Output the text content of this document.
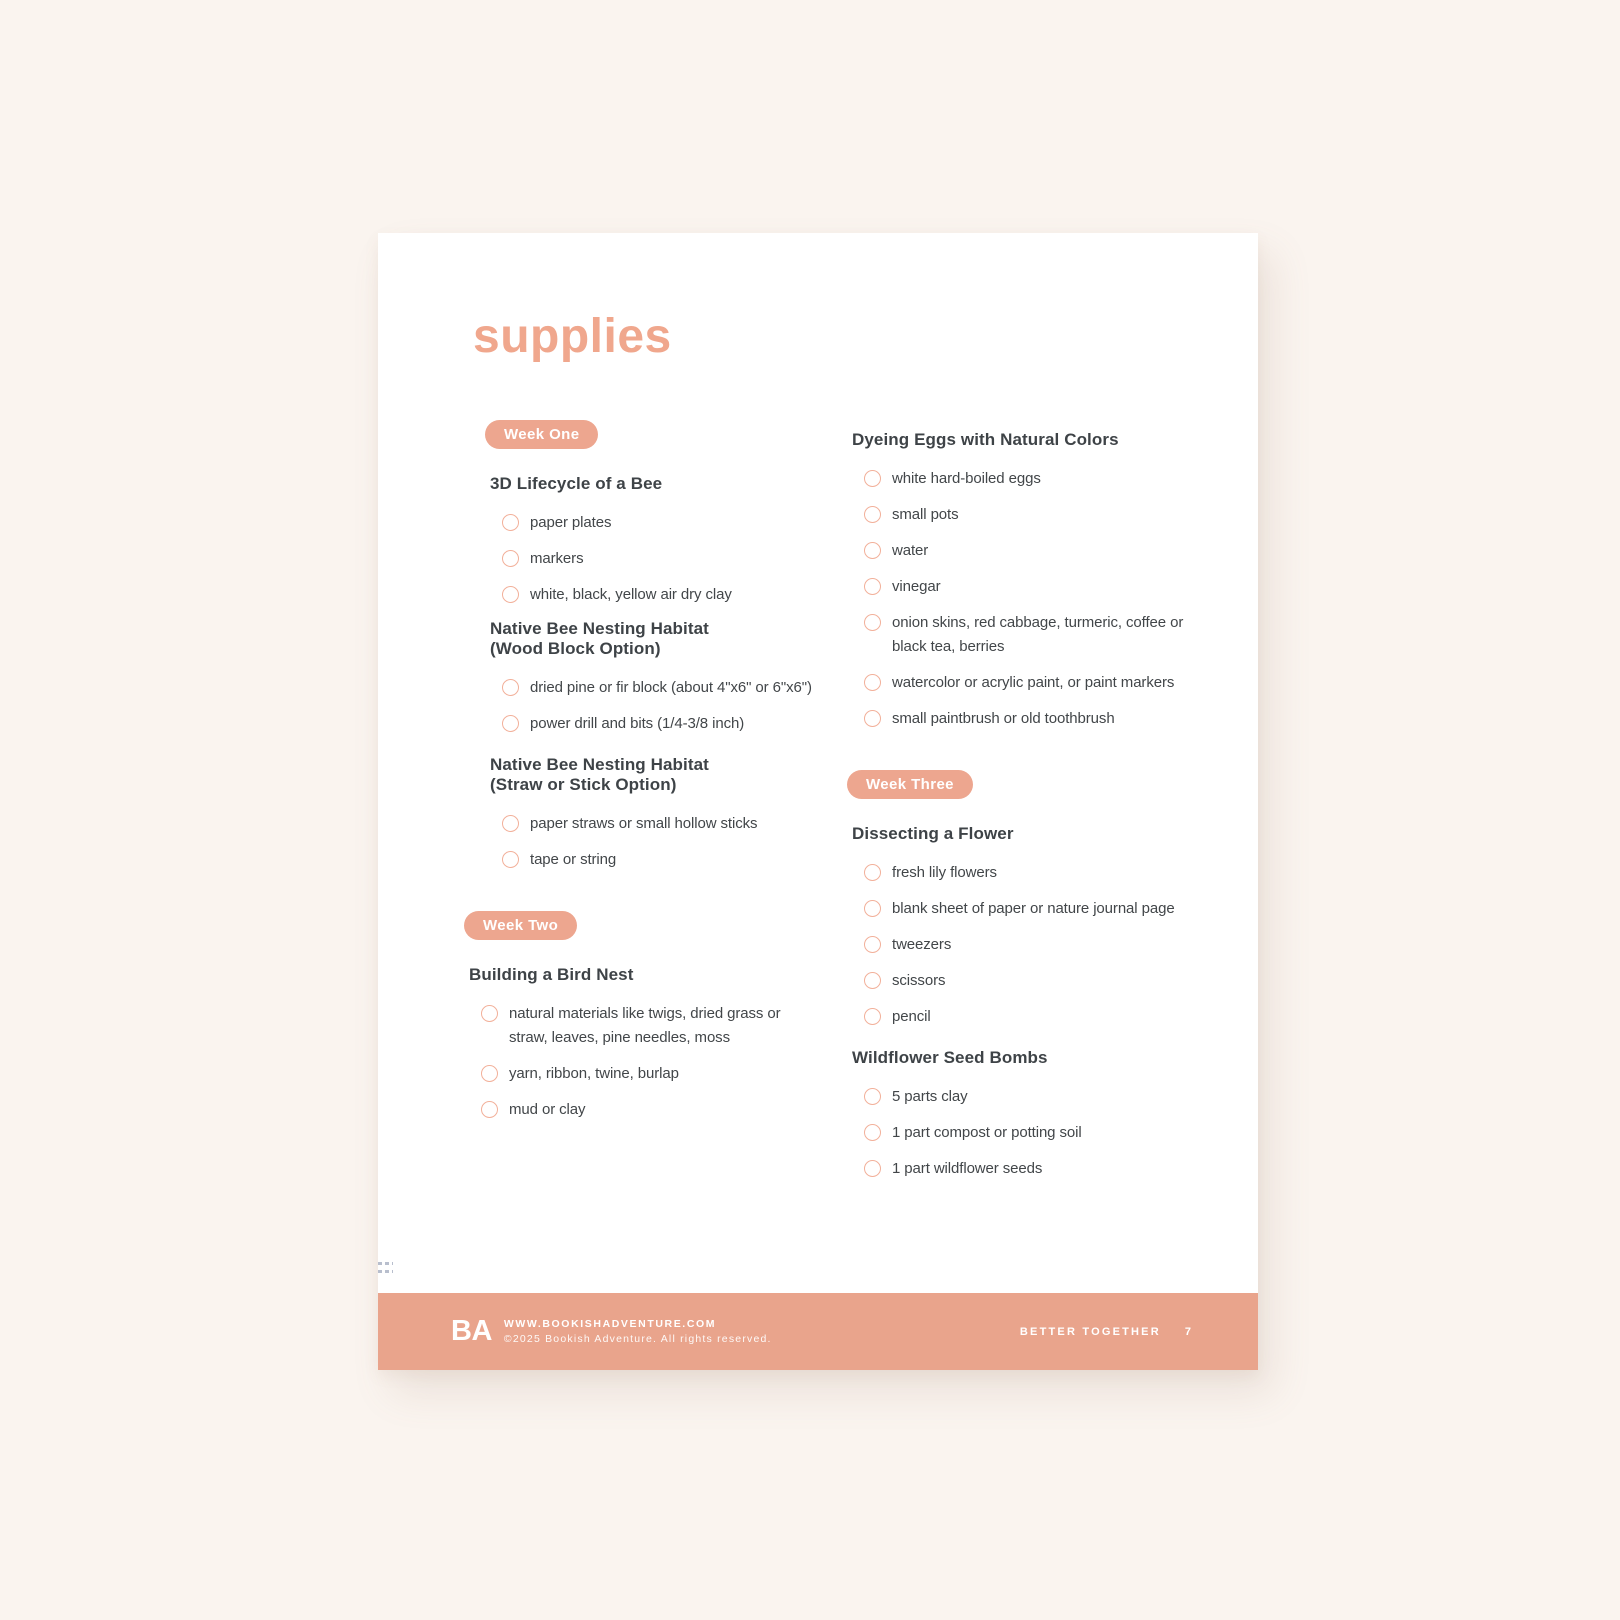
supplies
Week One
3D Lifecycle of a Bee
paper plates
markers
white, black, yellow air dry clay
Native Bee Nesting Habitat
(Wood Block Option)
dried pine or fir block (about 4"x6" or 6"x6")
power drill and bits (1/4-3/8 inch)
Native Bee Nesting Habitat
(Straw or Stick Option)
paper straws or small hollow sticks
tape or string
Week Two
Building a Bird Nest
natural materials like twigs, dried grass or straw, leaves, pine needles, moss
yarn, ribbon, twine, burlap
mud or clay
Dyeing Eggs with Natural Colors
white hard-boiled eggs
small pots
water
vinegar
onion skins, red cabbage, turmeric, coffee or black tea, berries
watercolor or acrylic paint, or paint markers
small paintbrush or old toothbrush
Week Three
Dissecting a Flower
fresh lily flowers
blank sheet of paper or nature journal page
tweezers
scissors
pencil
Wildflower Seed Bombs
5 parts clay
1 part compost or potting soil
1 part wildflower seeds
BA WWW.BOOKISHADVENTURE.COM
©2025 Bookish Adventure. All rights reserved.
BETTER TOGETHER 7
